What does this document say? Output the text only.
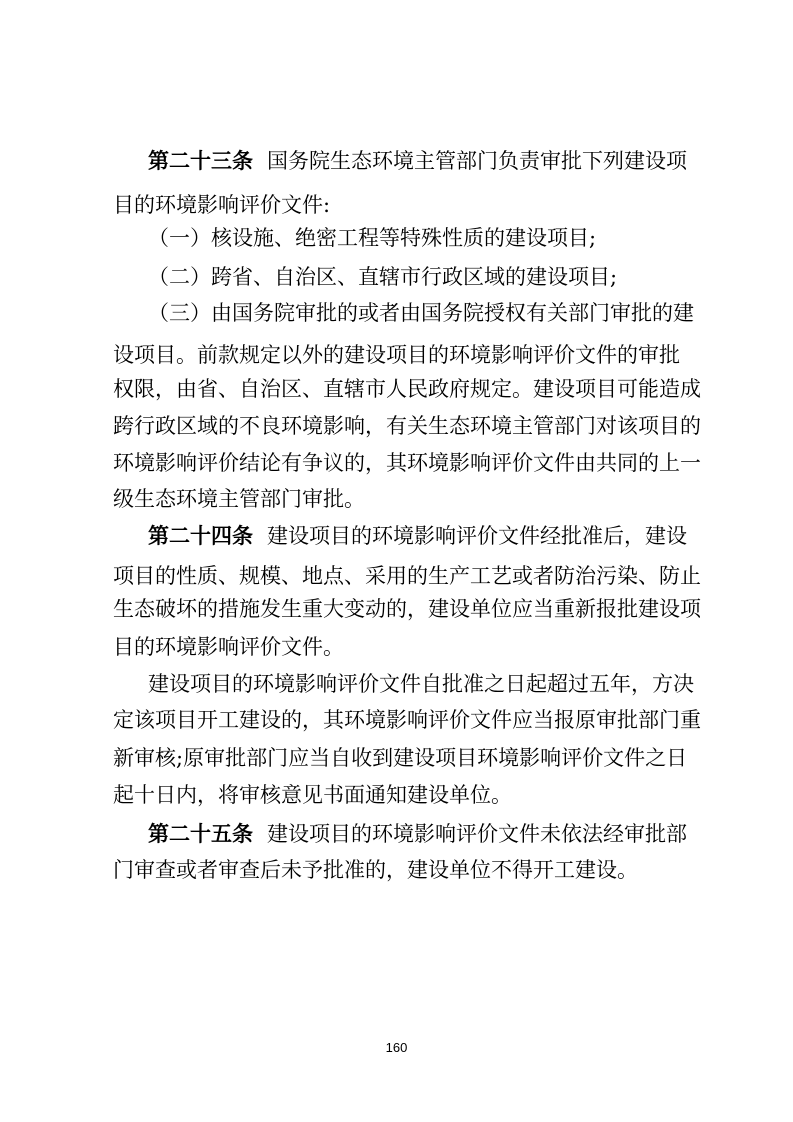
第二十三条 国务院生态环境主管部门负责审批下列建设项
目的环境影响评价文件:
（一）核设施、绝密工程等特殊性质的建设项目;
（二）跨省、自治区、直辖市行政区域的建设项目;
（三）由国务院审批的或者由国务院授权有关部门审批的建
设项目。前款规定以外的建设项目的环境影响评价文件的审批
权限，由省、自治区、直辖市人民政府规定。建设项目可能造成
跨行政区域的不良环境影响，有关生态环境主管部门对该项目的
环境影响评价结论有争议的，其环境影响评价文件由共同的上一
级生态环境主管部门审批。
第二十四条 建设项目的环境影响评价文件经批准后，建设
项目的性质、规模、地点、采用的生产工艺或者防治污染、防止
生态破坏的措施发生重大变动的，建设单位应当重新报批建设项
目的环境影响评价文件。
建设项目的环境影响评价文件自批准之日起超过五年，方决
定该项目开工建设的，其环境影响评价文件应当报原审批部门重
新审核;原审批部门应当自收到建设项目环境影响评价文件之日
起十日内，将审核意见书面通知建设单位。
第二十五条 建设项目的环境影响评价文件未依法经审批部
门审查或者审查后未予批准的，建设单位不得开工建设。
160
